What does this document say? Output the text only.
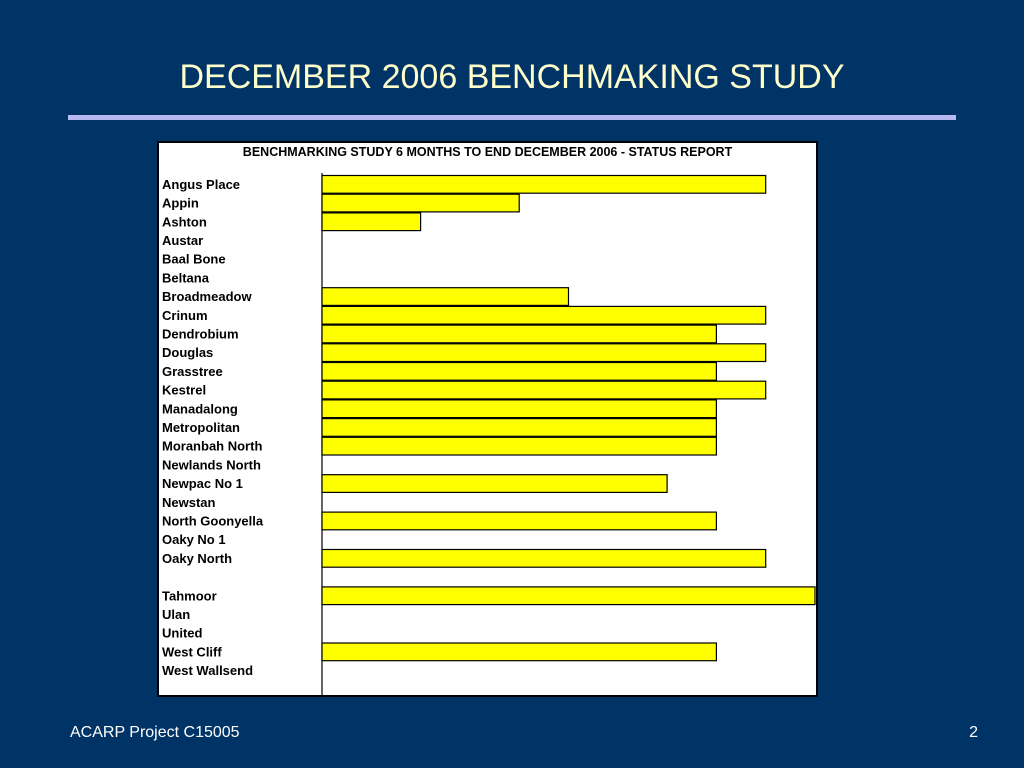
DECEMBER 2006 BENCHMAKING STUDY
BENCHMARKING STUDY 6 MONTHS TO END DECEMBER 2006 - STATUS REPORT
Angus Place
Appin
Ashton
Austar
Baal Bone
Beltana
Broadmeadow
Crinum
Dendrobium
Douglas
Grasstree
Kestrel
Manadalong
Metropolitan
Moranbah North
Newlands North
Newpac No 1
Newstan
North Goonyella
Oaky No 1
Oaky North
Tahmoor
Ulan
United
West Cliff
West Wallsend
ACARP Project C15005	2
